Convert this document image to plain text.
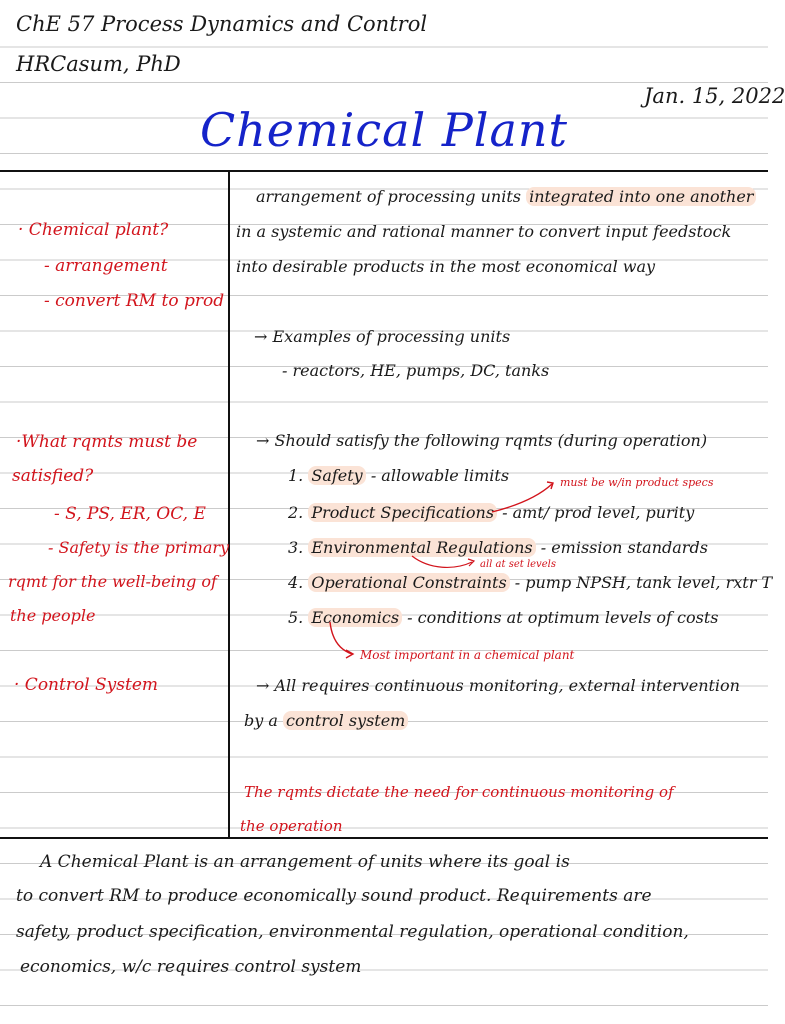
ChE 57 Process Dynamics and Control
HRCasum, PhD
Jan. 15, 2022
Chemical Plant
· Chemical plant?
- arrangement
- convert RM to prod
·What rqmts must be
satisfied?
- S, PS, ER, OC, E
- Safety is the primary
rqmt for the well-being of
the people
· Control System
arrangement of processing units integrated into one another
in a systemic and rational manner to convert input feedstock
into desirable products in the most economical way
→ Examples of processing units
- reactors, HE, pumps, DC, tanks
→ Should satisfy the following rqmts (during operation)
1. Safety - allowable limits
2. Product Specifications - amt/ prod level, purity
3. Environmental Regulations - emission standards
4. Operational Constraints - pump NPSH, tank level, rxtr T
5. Economics - conditions at optimum levels of costs
must be w/in product specs
all at set levels
Most important in a chemical plant
→ All requires continuous monitoring, external intervention
by a control system
The rqmts dictate the need for continuous monitoring of
the operation
A Chemical Plant is an arrangement of units where its goal is
to convert RM to produce economically sound product. Requirements are
safety, product specification, environmental regulation, operational condition,
economics, w/c requires control system
